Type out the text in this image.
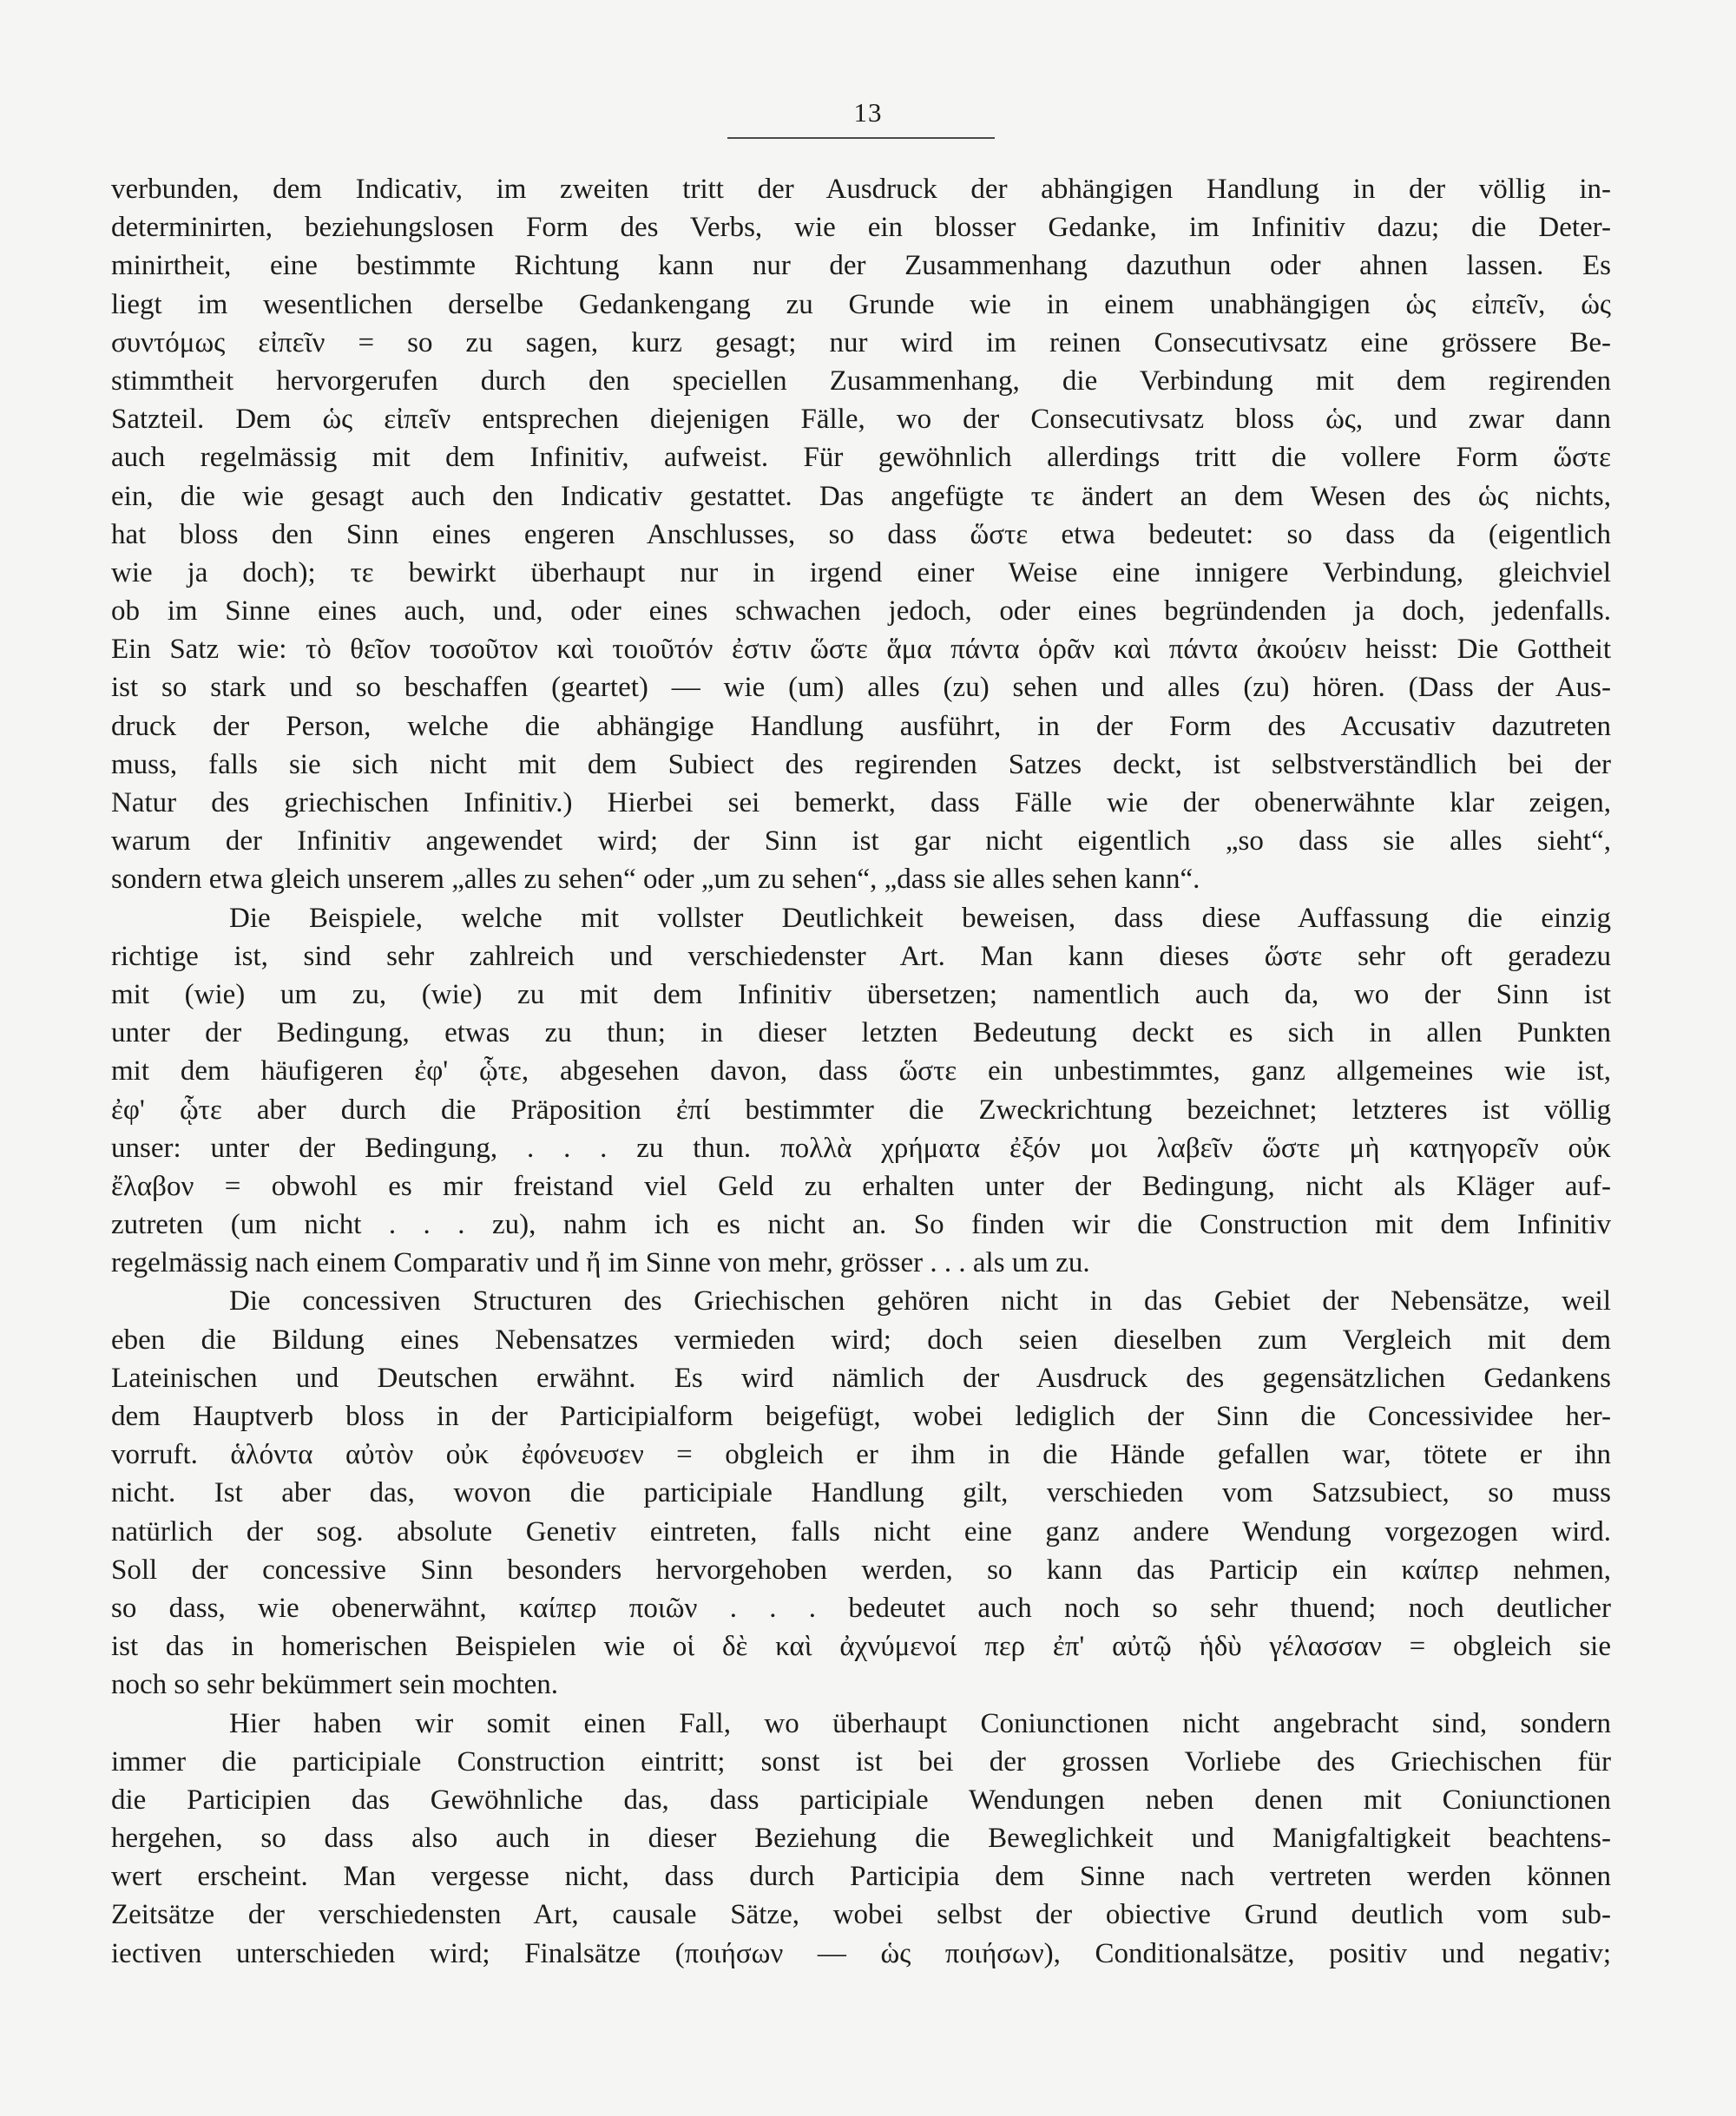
13
verbunden, dem Indicativ, im zweiten tritt der Ausdruck der abhängigen Handlung in der völlig in-
determinirten, beziehungslosen Form des Verbs, wie ein blosser Gedanke, im Infinitiv dazu; die Deter-
minirtheit, eine bestimmte Richtung kann nur der Zusammenhang dazuthun oder ahnen lassen. Es
liegt im wesentlichen derselbe Gedankengang zu Grunde wie in einem unabhängigen ὡς εἰπεῖν, ὡς
συντόμως εἰπεῖν = so zu sagen, kurz gesagt; nur wird im reinen Consecutivsatz eine grössere Be-
stimmtheit hervorgerufen durch den speciellen Zusammenhang, die Verbindung mit dem regirenden
Satzteil. Dem ὡς εἰπεῖν entsprechen diejenigen Fälle, wo der Consecutivsatz bloss ὡς, und zwar dann
auch regelmässig mit dem Infinitiv, aufweist. Für gewöhnlich allerdings tritt die vollere Form ὥστε
ein, die wie gesagt auch den Indicativ gestattet. Das angefügte τε ändert an dem Wesen des ὡς nichts,
hat bloss den Sinn eines engeren Anschlusses, so dass ὥστε etwa bedeutet: so dass da (eigentlich
wie ja doch); τε bewirkt überhaupt nur in irgend einer Weise eine innigere Verbindung, gleichviel
ob im Sinne eines auch, und, oder eines schwachen jedoch, oder eines begründenden ja doch, jedenfalls.
Ein Satz wie: τὸ θεῖον τοσοῦτον καὶ τοιοῦτόν ἐστιν ὥστε ἅμα πάντα ὁρᾶν καὶ πάντα ἀκούειν heisst: Die Gottheit
ist so stark und so beschaffen (geartet) — wie (um) alles (zu) sehen und alles (zu) hören. (Dass der Aus-
druck der Person, welche die abhängige Handlung ausführt, in der Form des Accusativ dazutreten
muss, falls sie sich nicht mit dem Subiect des regirenden Satzes deckt, ist selbstverständlich bei der
Natur des griechischen Infinitiv.) Hierbei sei bemerkt, dass Fälle wie der obenerwähnte klar zeigen,
warum der Infinitiv angewendet wird; der Sinn ist gar nicht eigentlich „so dass sie alles sieht“,
sondern etwa gleich unserem „alles zu sehen“ oder „um zu sehen“, „dass sie alles sehen kann“.
Die Beispiele, welche mit vollster Deutlichkeit beweisen, dass diese Auffassung die einzig
richtige ist, sind sehr zahlreich und verschiedenster Art. Man kann dieses ὥστε sehr oft geradezu
mit (wie) um zu, (wie) zu mit dem Infinitiv übersetzen; namentlich auch da, wo der Sinn ist
unter der Bedingung, etwas zu thun; in dieser letzten Bedeutung deckt es sich in allen Punkten
mit dem häufigeren ἐφ' ᾧτε, abgesehen davon, dass ὥστε ein unbestimmtes, ganz allgemeines wie ist,
ἐφ' ᾧτε aber durch die Präposition ἐπί bestimmter die Zweckrichtung bezeichnet; letzteres ist völlig
unser: unter der Bedingung, . . . zu thun. πολλὰ χρήματα ἐξόν μοι λαβεῖν ὥστε μὴ κατηγορεῖν οὐκ
ἔλαβον = obwohl es mir freistand viel Geld zu erhalten unter der Bedingung, nicht als Kläger auf-
zutreten (um nicht . . . zu), nahm ich es nicht an. So finden wir die Construction mit dem Infinitiv
regelmässig nach einem Comparativ und ἤ im Sinne von mehr, grösser . . . als um zu.
Die concessiven Structuren des Griechischen gehören nicht in das Gebiet der Nebensätze, weil
eben die Bildung eines Nebensatzes vermieden wird; doch seien dieselben zum Vergleich mit dem
Lateinischen und Deutschen erwähnt. Es wird nämlich der Ausdruck des gegensätzlichen Gedankens
dem Hauptverb bloss in der Participialform beigefügt, wobei lediglich der Sinn die Concessividee her-
vorruft. ἁλόντα αὐτὸν οὐκ ἐφόνευσεν = obgleich er ihm in die Hände gefallen war, tötete er ihn
nicht. Ist aber das, wovon die participiale Handlung gilt, verschieden vom Satzsubiect, so muss
natürlich der sog. absolute Genetiv eintreten, falls nicht eine ganz andere Wendung vorgezogen wird.
Soll der concessive Sinn besonders hervorgehoben werden, so kann das Particip ein καίπερ nehmen,
so dass, wie obenerwähnt, καίπερ ποιῶν . . . bedeutet auch noch so sehr thuend; noch deutlicher
ist das in homerischen Beispielen wie οἱ δὲ καὶ ἀχνύμενοί περ ἐπ' αὐτῷ ἡδὺ γέλασσαν = obgleich sie
noch so sehr bekümmert sein mochten.
Hier haben wir somit einen Fall, wo überhaupt Coniunctionen nicht angebracht sind, sondern
immer die participiale Construction eintritt; sonst ist bei der grossen Vorliebe des Griechischen für
die Participien das Gewöhnliche das, dass participiale Wendungen neben denen mit Coniunctionen
hergehen, so dass also auch in dieser Beziehung die Beweglichkeit und Manigfaltigkeit beachtens-
wert erscheint. Man vergesse nicht, dass durch Participia dem Sinne nach vertreten werden können
Zeitsätze der verschiedensten Art, causale Sätze, wobei selbst der obiective Grund deutlich vom sub-
iectiven unterschieden wird; Finalsätze (ποιήσων — ὡς ποιήσων), Conditionalsätze, positiv und negativ;
